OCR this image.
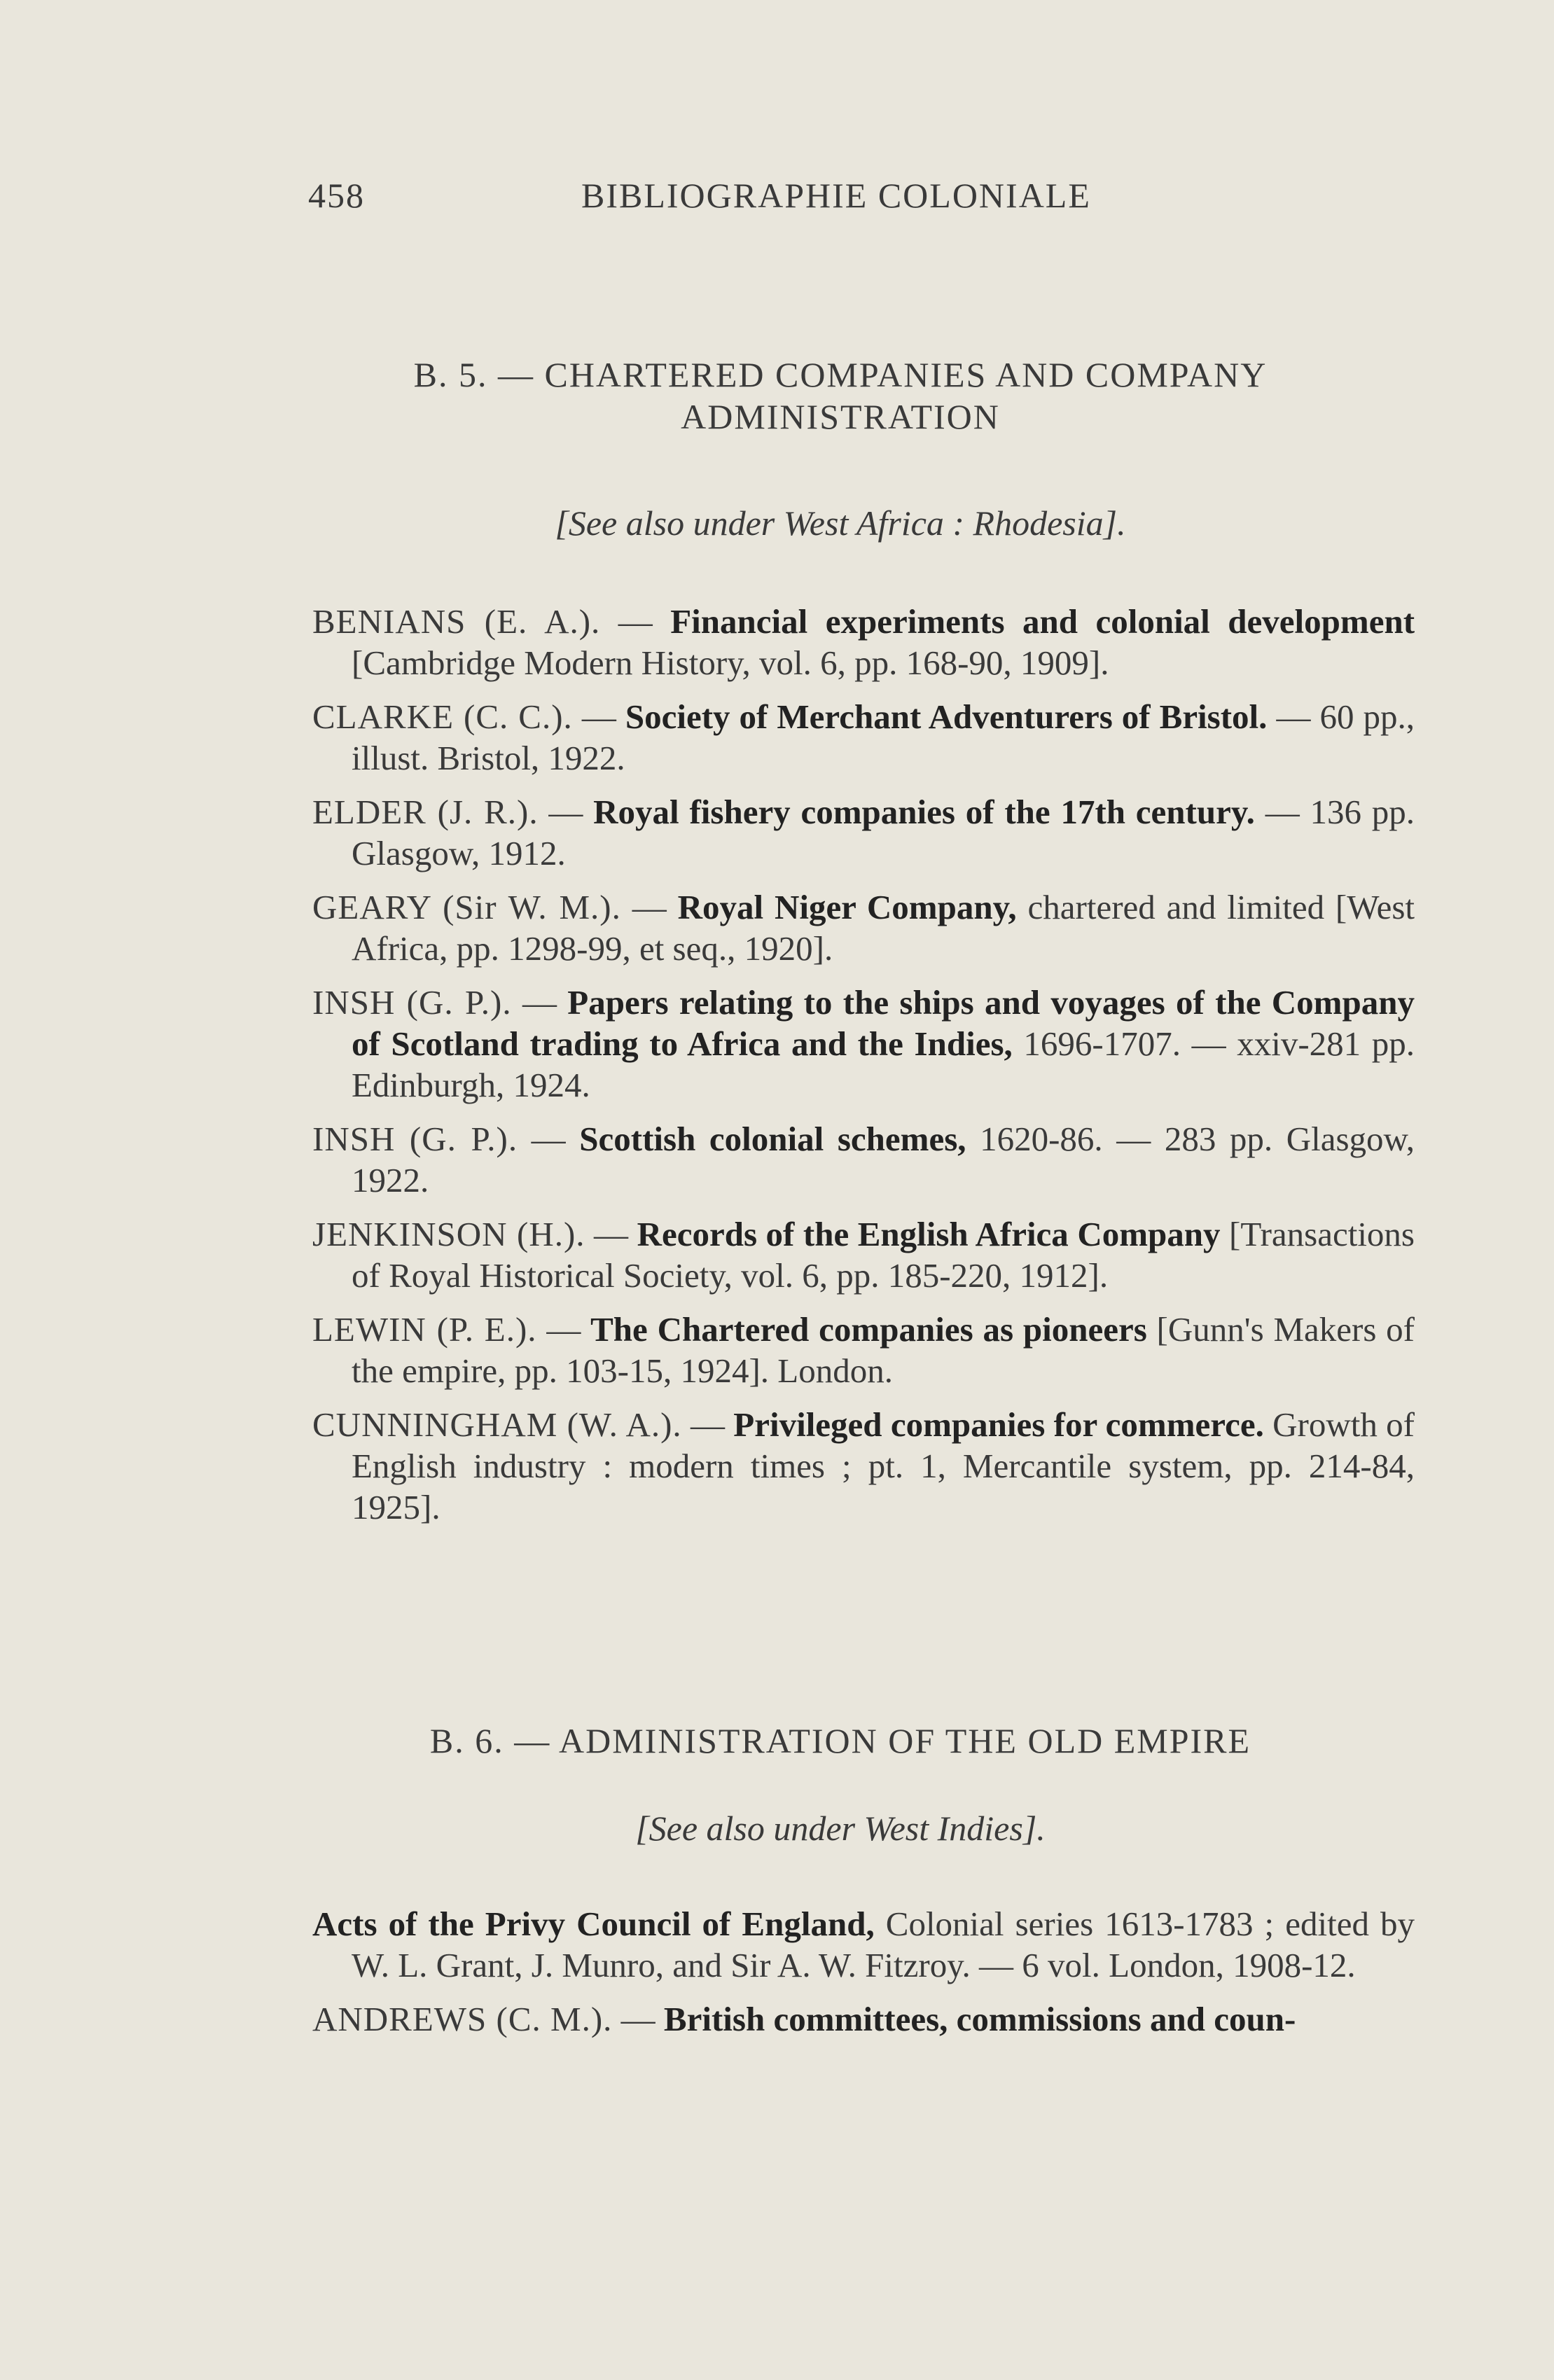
458	BIBLIOGRAPHIE COLONIALE
B. 5. — CHARTERED COMPANIES AND COMPANY
ADMINISTRATION
[See also under West Africa : Rhodesia].
BENIANS (E. A.). — Financial experiments and colonial development [Cambridge Modern History, vol. 6, pp. 168-90, 1909].
CLARKE (C. C.). — Society of Merchant Adventurers of Bristol. — 60 pp., illust. Bristol, 1922.
ELDER (J. R.). — Royal fishery companies of the 17th century. — 136 pp. Glasgow, 1912.
GEARY (Sir W. M.). — Royal Niger Company, chartered and limited [West Africa, pp. 1298-99, et seq., 1920].
INSH (G. P.). — Papers relating to the ships and voyages of the Company of Scotland trading to Africa and the Indies, 1696-1707. — xxiv-281 pp. Edinburgh, 1924.
INSH (G. P.). — Scottish colonial schemes, 1620-86. — 283 pp. Glasgow, 1922.
JENKINSON (H.). — Records of the English Africa Company [Transactions of Royal Historical Society, vol. 6, pp. 185-220, 1912].
LEWIN (P. E.). — The Chartered companies as pioneers [Gunn's Makers of the empire, pp. 103-15, 1924]. London.
CUNNINGHAM (W. A.). — Privileged companies for commerce. Growth of English industry : modern times ; pt. 1, Mercantile system, pp. 214-84, 1925].
B. 6. — ADMINISTRATION OF THE OLD EMPIRE
[See also under West Indies].
Acts of the Privy Council of England, Colonial series 1613-1783 ; edited by W. L. Grant, J. Munro, and Sir A. W. Fitzroy. — 6 vol. London, 1908-12.
ANDREWS (C. M.). — British committees, commissions and coun-
